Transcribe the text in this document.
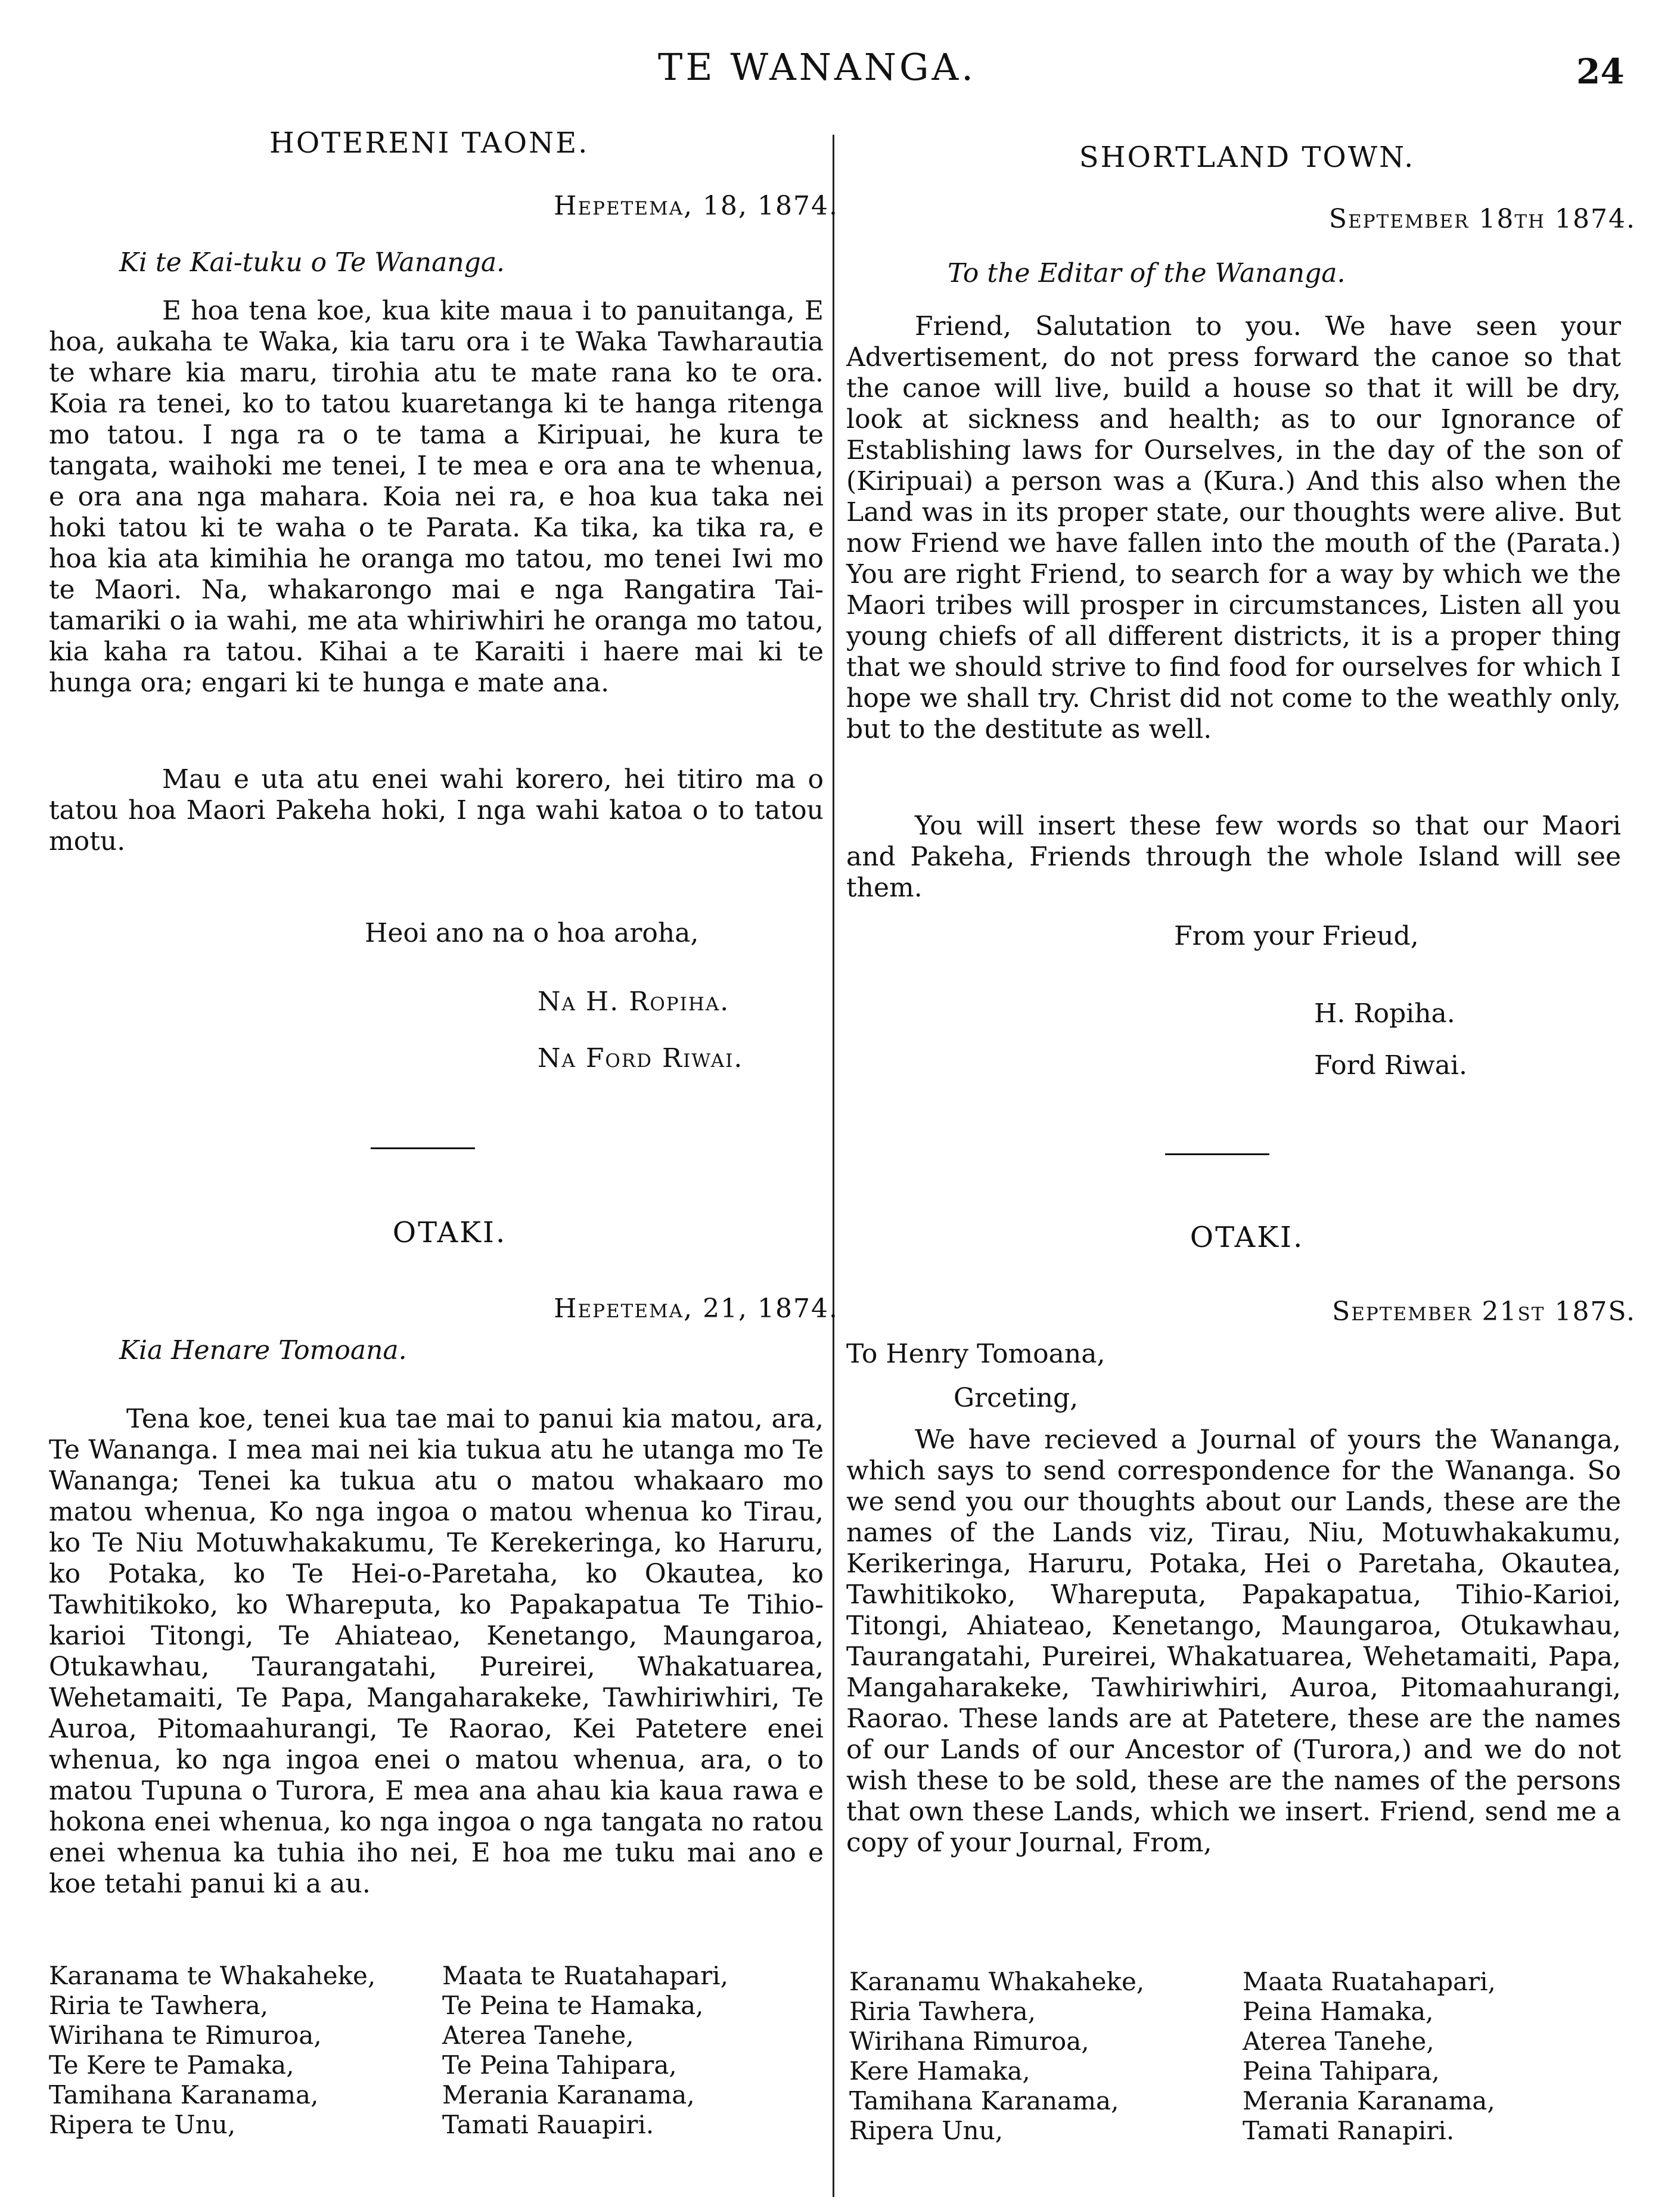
TE WANANGA.	24
HOTERENI TAONE.
Hepetema, 18, 1874.
Ki te Kai-tuku o Te Wananga.

E hoa tena koe, kua kite maua i to panuitanga, E hoa, aukaha te Waka, kia taru ora i te Waka Tawharautia te whare kia maru, tirohia atu te mate rana ko te ora. Koia ra tenei, ko to tatou kuaretanga ki te hanga ritenga mo tatou. I nga ra o te tama a Kiripuai, he kura te tangata, waihoki me tenei, I te mea e ora ana te whenua, e ora ana nga mahara. Koia nei ra, e hoa kua taka nei hoki tatou ki te waha o te Parata. Ka tika, ka tika ra, e hoa kia ata kimihia he oranga mo tatou, mo tenei Iwi mo te Maori. Na, whakarongo mai e nga Rangatira Tai-tamariki o ia wahi, me ata whiriwhiri he oranga mo tatou, kia kaha ra tatou. Kihai a te Karaiti i haere mai ki te hunga ora; engari ki te hunga e mate ana.

Mau e uta atu enei wahi korero, hei titiro ma o tatou hoa Maori Pakeha hoki, I nga wahi katoa o to tatou motu.

Heoi ano na o hoa aroha,
Na H. Ropiha.
Na Ford Riwai.
OTAKI.
Hepetema, 21, 1874.
Kia Henare Tomoana.

Tena koe, tenei kua tae mai to panui kia matou, ara, Te Wananga. I mea mai nei kia tukua atu he utanga mo Te Wananga; Tenei ka tukua atu o matou whakaaro mo matou whenua, Ko nga ingoa o matou whenua ko Tirau, ko Te Niu Motuwhakakumu, Te Kerekeringa, ko Haruru, ko Potaka, ko Te Hei-o-Paretaha, ko Okautea, ko Tawhitikoko, ko Whareputa, ko Papakapatua Te Tihio-karioi Titongi, Te Ahiateao, Kenetango, Maungaroa, Otukawhau, Taurangatahi, Pureirei, Whakatuarea, Wehetamaiti, Te Papa, Mangaharakeke, Tawhiriwhiri, Te Auroa, Pitomaahurangi, Te Raorao, Kei Patetere enei whenua, ko nga ingoa enei o matou whenua, ara, o to matou Tupuna o Turora, E mea ana ahau kia kaua rawa e hokona enei whenua, ko nga ingoa o nga tangata no ratou enei whenua ka tuhia iho nei, E hoa me tuku mai ano e koe tetahi panui ki a au.

Karanama te Whakaheke,
Riria te Tawhera,
Wirihana te Rimuroa,
Te Kere te Pamaka,
Tamihana Karanama,
Ripera te Unu,
Maata te Ruatahapari,
Te Peina te Hamaka,
Aterea Tanehe,
Te Peina Tahipara,
Merania Karanama,
Tamati Rauapiri.
SHORTLAND TOWN.
September 18th 1874.
To the Editar of the Wananga.

Friend, Salutation to you. We have seen your Advertisement, do not press forward the canoe so that the canoe will live, build a house so that it will be dry, look at sickness and health; as to our Ignorance of Establishing laws for Ourselves, in the day of the son of (Kiripuai) a person was a (Kura.) And this also when the Land was in its proper state, our thoughts were alive. But now Friend we have fallen into the mouth of the (Parata.) You are right Friend, to search for a way by which we the Maori tribes will prosper in circumstances, Listen all you young chiefs of all different districts, it is a proper thing that we should strive to find food for ourselves for which I hope we shall try. Christ did not come to the weathly only, but to the destitute as well.

You will insert these few words so that our Maori and Pakeha, Friends through the whole Island will see them.

From your Frieud,
H. Ropiha.
Ford Riwai.
OTAKI.
September 21st 187S.
To Henry Tomoana,
Grceting,

We have recieved a Journal of yours the Wananga, which says to send correspondence for the Wananga. So we send you our thoughts about our Lands, these are the names of the Lands viz, Tirau, Niu, Motuwhakakumu, Kerikeringa, Haruru, Potaka, Hei o Paretaha, Okautea, Tawhitikoko, Whareputa, Papakapatua, Tihio-Karioi, Titongi, Ahiateao, Kenetango, Maungaroa, Otukawhau, Taurangatahi, Pureirei, Whakatuarea, Wehetamaiti, Papa, Mangaharakeke, Tawhiriwhiri, Auroa, Pitomaahurangi, Raorao. These lands are at Patetere, these are the names of our Lands of our Ancestor of (Turora,) and we do not wish these to be sold, these are the names of the persons that own these Lands, which we insert. Friend, send me a copy of your Journal, From,

Karanamu Whakaheke,
Riria Tawhera,
Wirihana Rimuroa,
Kere Hamaka,
Tamihana Karanama,
Ripera Unu,
Maata Ruatahapari,
Peina Hamaka,
Aterea Tanehe,
Peina Tahipara,
Merania Karanama,
Tamati Ranapiri.
